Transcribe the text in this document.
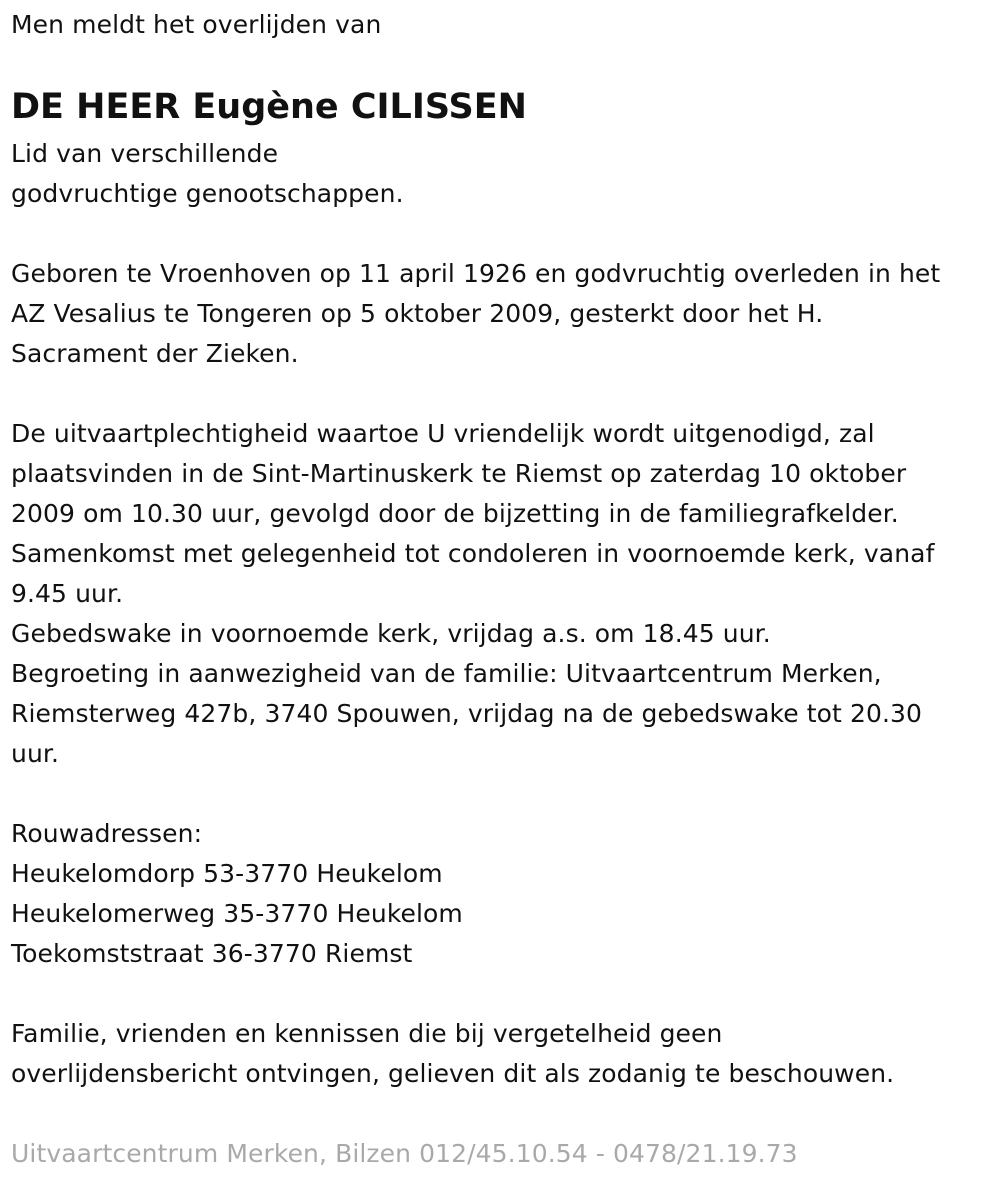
Men meldt het overlijden van
DE HEER Eugène CILISSEN
Lid van verschillende
godvruchtige genootschappen.
Geboren te Vroenhoven op 11 april 1926 en godvruchtig overleden in het
AZ Vesalius te Tongeren op 5 oktober 2009, gesterkt door het H.
Sacrament der Zieken.
De uitvaartplechtigheid waartoe U vriendelijk wordt uitgenodigd, zal
plaatsvinden in de Sint-Martinuskerk te Riemst op zaterdag 10 oktober
2009 om 10.30 uur, gevolgd door de bijzetting in de familiegrafkelder.
Samenkomst met gelegenheid tot condoleren in voornoemde kerk, vanaf
9.45 uur.
Gebedswake in voornoemde kerk, vrijdag a.s. om 18.45 uur.
Begroeting in aanwezigheid van de familie: Uitvaartcentrum Merken,
Riemsterweg 427b, 3740 Spouwen, vrijdag na de gebedswake tot 20.30
uur.
Rouwadressen:
Heukelomdorp 53-3770 Heukelom
Heukelomerweg 35-3770 Heukelom
Toekomststraat 36-3770 Riemst
Familie, vrienden en kennissen die bij vergetelheid geen
overlijdensbericht ontvingen, gelieven dit als zodanig te beschouwen.
Uitvaartcentrum Merken, Bilzen 012/45.10.54 - 0478/21.19.73
